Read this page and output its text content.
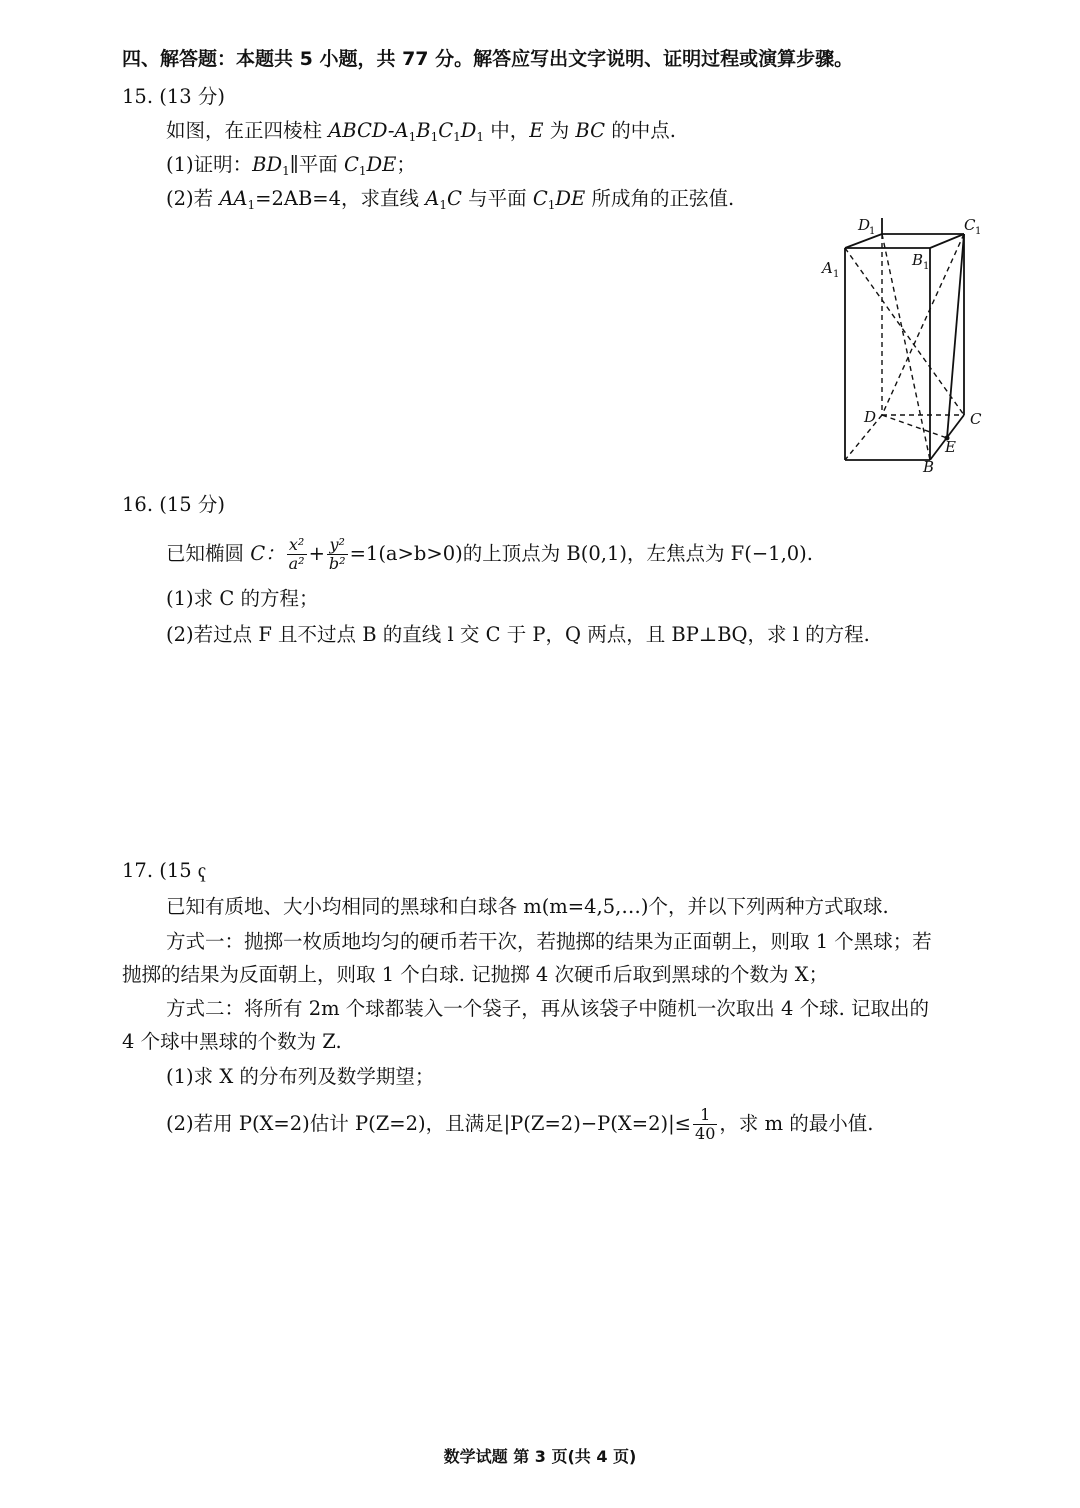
四、解答题：本题共 5 小题，共 77 分。解答应写出文字说明、证明过程或演算步骤。
15. (13 分)
如图，在正四棱柱 ABCD-$A_1B_1C_1D_1$ 中，E 为 BC 的中点.
(1)证明：$BD_1\parallel$平面 $C_1DE$；
(2)若 $AA_1=2AB=4$，求直线 $A_1C$ 与平面 $C_1DE$ 所成角的正弦值.
D
1	C 1
A 1
B 1
D	C
E
B
16. (15 分)
已知椭圆 C： $\frac{\text{x²}}{\text{a²}} + \frac{\text{y²}}{\text{b²}} =1(a>b>0)$的上顶点为 B(0,1)，左焦点为 F(−1,0).
(1)求 C 的方程；
(2)若过点 F 且不过点 B 的直线 l 交 C 于 P，Q 两点，且 BP⊥BQ，求 l 的方程.
17. (15 ҁ
已知有质地、大小均相同的黑球和白球各 m(m=4,5,…)个，并以下列两种方式取球.
方式一：抛掷一枚质地均匀的硬币若干次，若抛掷的结果为正面朝上，则取 1 个黑球；若
抛掷的结果为反面朝上，则取 1 个白球. 记抛掷 4 次硬币后取到黑球的个数为 X；
方式二：将所有 2m 个球都装入一个袋子，再从该袋子中随机一次取出 4 个球. 记取出的
4 个球中黑球的个数为 Z.
(1)求 X 的分布列及数学期望；
(2)若用 P(X=2)估计 P(Z=2)，且满足$|P(Z=2)-P(X=2)|\le \frac{1}{40}$ ，求 m 的最小值.
数学试题 第 3 页(共 4 页)
